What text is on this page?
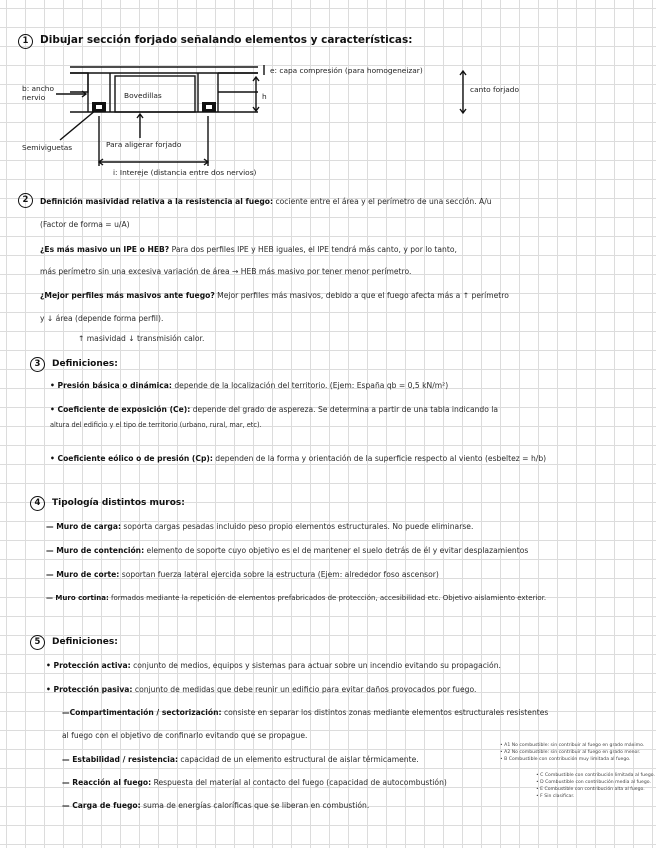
1	Dibujar sección forjado señalando elementos y características:
b: ancho nervio	Bovedillas
e: capa compresión (para homogeneizar)
canto forjado
h
Semiviguetas	Para aligerar forjado
i: Intereje (distancia entre dos nervios)
2	Definición masividad relativa a la resistencia al fuego: cociente entre el área y el perímetro de una sección. A/u
(Factor de forma = u/A)
¿Es más masivo un IPE o HEB? Para dos perfiles IPE y HEB iguales, el IPE tendrá más canto, y por lo tanto,
más perímetro sin una excesiva variación de área → HEB más masivo por tener menor perímetro.
¿Mejor perfiles más masivos ante fuego? Mejor perfiles más masivos, debido a que el fuego afecta más a ↑ perímetro
y ↓ área (depende forma perfil).
↑ masividad ↓ transmisión calor.
3	Definiciones:
• Presión básica o dinámica: depende de la localización del territorio. (Ejem: España qb = 0,5 kN/m²)
• Coeficiente de exposición (Ce): depende del grado de aspereza. Se determina a partir de una tabla indicando la
altura del edificio y el tipo de territorio (urbano, rural, mar, etc).
• Coeficiente eólico o de presión (Cp): dependen de la forma y orientación de la superficie respecto al viento (esbeltez = h/b)
4	Tipología distintos muros:
— Muro de carga: soporta cargas pesadas incluido peso propio elementos estructurales. No puede eliminarse.
— Muro de contención: elemento de soporte cuyo objetivo es el de mantener el suelo detrás de él y evitar desplazamientos
— Muro de corte: soportan fuerza lateral ejercida sobre la estructura (Ejem: alrededor foso ascensor)
— Muro cortina: formados mediante la repetición de elementos prefabricados de protección, accesibilidad etc. Objetivo aislamiento exterior.
5	Definiciones:
• Protección activa: conjunto de medios, equipos y sistemas para actuar sobre un incendio evitando su propagación.
• Protección pasiva: conjunto de medidas que debe reunir un edificio para evitar daños provocados por fuego.
—Compartimentación / sectorización: consiste en separar los distintos zonas mediante elementos estructurales resistentes
al fuego con el objetivo de confinarlo evitando que se propague.
— Estabilidad / resistencia: capacidad de un elemento estructural de aislar térmicamente.
— Reacción al fuego: Respuesta del material al contacto del fuego (capacidad de autocombustión)
— Carga de fuego: suma de energías caloríficas que se liberan en combustión.
• A1 No combustible: sin contribuir al fuego en grado máximo.
• A2 No combustible: sin contribuir al fuego en grado menor.
• B Combustible con contribución muy limitada al fuego.
• C Combustible con contribución limitada al fuego.
• D Combustible con contribución media al fuego.
• E Combustible con contribución alta al fuego.
• F Sin clasificar.
